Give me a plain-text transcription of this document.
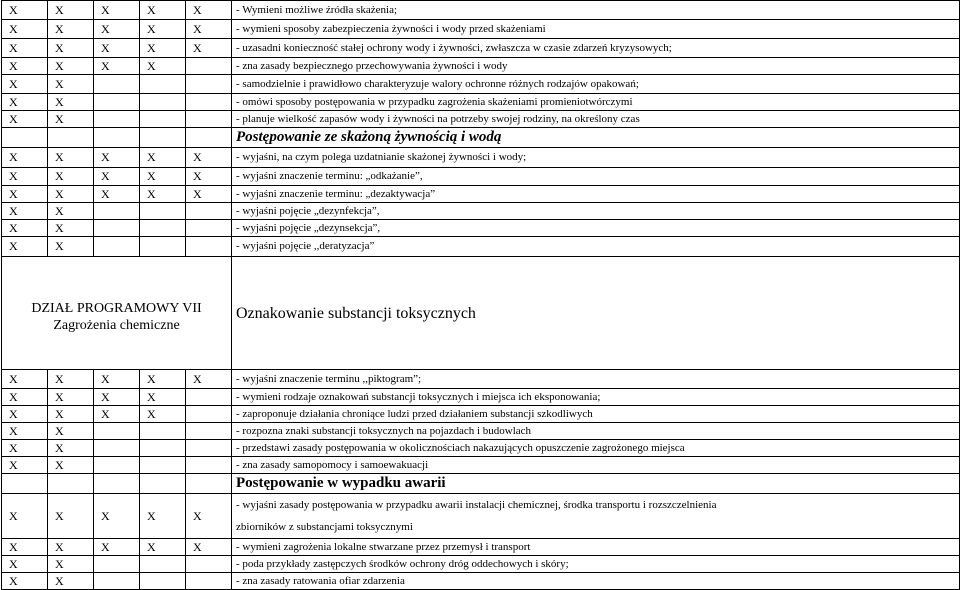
X	X	X	X	X	- Wymieni możliwe źródła skażenia;
X	X	X	X	X	- wymieni sposoby zabezpieczenia żywności i wody przed skażeniami
X	X	X	X	X	- uzasadni konieczność stałej ochrony wody i żywności, zwłaszcza w czasie zdarzeń kryzysowych;
X	X	X	X		- zna zasady bezpiecznego przechowywania żywności i wody
X	X				- samodzielnie i prawidłowo charakteryzuje walory ochronne różnych rodzajów opakowań;
X	X				- omówi sposoby postępowania w przypadku zagrożenia skażeniami promieniotwórczymi
X	X				- planuje wielkość zapasów wody i żywności na potrzeby swojej rodziny, na określony czas
					Postępowanie ze skażoną żywnością i wodą
X	X	X	X	X	- wyjaśni, na czym polega uzdatnianie skażonej żywności i wody;
X	X	X	X	X	- wyjaśni znaczenie terminu: „odkażanie”,
X	X	X	X	X	- wyjaśni znaczenie terminu: „dezaktywacja”
X	X				- wyjaśni pojęcie „dezynfekcja”,
X	X				- wyjaśni pojęcie „dezynsekcja”,
X	X				- wyjaśni pojęcie ,,deratyzacja”

DZIAŁ PROGRAMOWY VII
Zagrożenia chemiczne					Oznakowanie substancji toksycznych
X	X	X	X	X	- wyjaśni znaczenie terminu ,,piktogram”;
X	X	X	X		- wymieni rodzaje oznakowań substancji toksycznych i miejsca ich eksponowania;
X	X	X	X		- zaproponuje działania chroniące ludzi przed działaniem substancji szkodliwych
X	X				- rozpozna znaki substancji toksycznych na pojazdach i budowlach
X	X				- przedstawi zasady postępowania w okolicznościach nakazujących opuszczenie zagrożonego miejsca
X	X				- zna zasady samopomocy i samoewakuacji
					Postępowanie w wypadku awarii
X	X	X	X	X	- wyjaśni zasady postępowania w przypadku awarii instalacji chemicznej, środka transportu i rozszczelnienia
zbiorników z substancjami toksycznymi

X	X	X	X	X	- wymieni zagrożenia lokalne stwarzane przez przemysł i transport
X	X				- poda przykłady zastępczych środków ochrony dróg oddechowych i skóry;
X	X				- zna zasady ratowania ofiar zdarzenia
